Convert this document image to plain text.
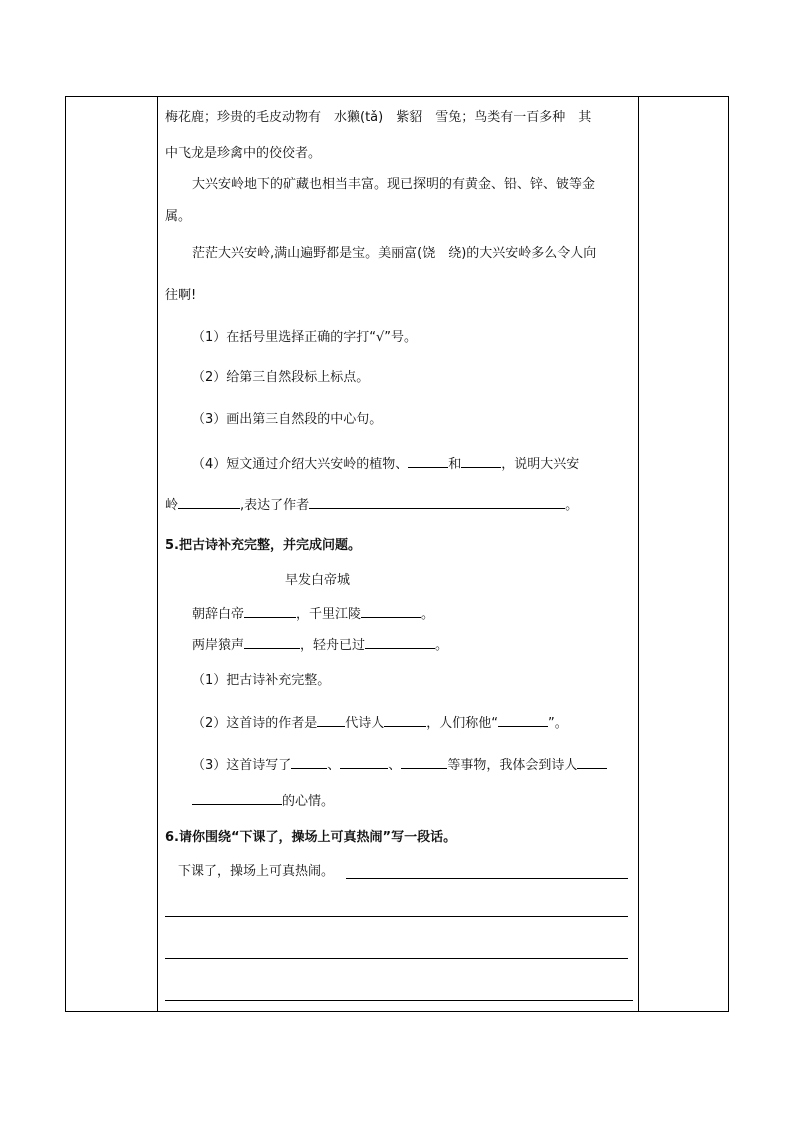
梅花鹿；珍贵的毛皮动物有　水獭(tǎ)　紫貂　雪兔；鸟类有一百多种　其
中飞龙是珍禽中的佼佼者。
大兴安岭地下的矿藏也相当丰富。现已探明的有黄金、铅、锌、铍等金
属。
茫茫大兴安岭,满山遍野都是宝。美丽富(饶　绕)的大兴安岭多么令人向
往啊!
（1）在括号里选择正确的字打“√”号。
（2）给第三自然段标上标点。
（3）画出第三自然段的中心句。
（4）短文通过介绍大兴安岭的植物、	和	，说明大兴安
岭	,表达了作者	。
5.把古诗补充完整，并完成问题。
早发白帝城
朝辞白帝	，千里江陵	。
两岸猿声	，轻舟已过	。
（1）把古诗补充完整。
（2）这首诗的作者是 代诗人	，人们称他“	”。
（3）这首诗写了	、	、	等事物，我体会到诗人
的心情。
6.请你围绕“下课了，操场上可真热闹”写一段话。
下课了，操场上可真热闹。
